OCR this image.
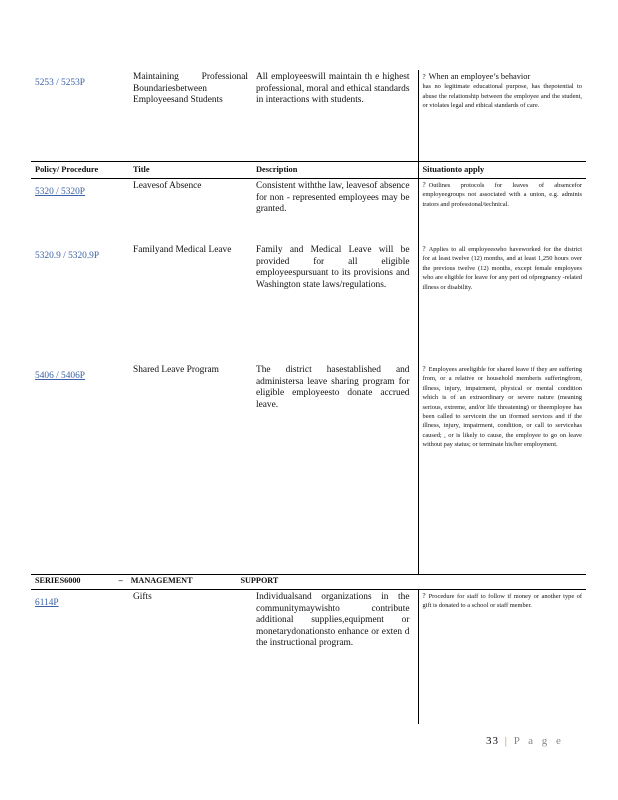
5253 / 5253P	Maintaining Professional Boundariesbetween Employeesand Students	All employeeswill maintain th e highest professional, moral and ethical standards in interactions with students.	? When an employee’s behavior
has no legitimate educational purpose, has thepotential to abuse the relationship between the employee and the student, or violates legal and ethical standards of care.
Policy/ Procedure	Title	Description	Situationto apply
5320 / 5320P	Leavesof Absence	Consistent withthe law, leavesof absence for non - represented employees may be granted.	? Outlines protocols for leaves of absencefor employeegroups not associated with a union, e.g. adminis trators and professional/technical.
5320.9 / 5320.9P	Familyand Medical Leave	Family and Medical Leave will be provided for all eligible employeespursuant to its provisions and Washington state laws/regulations.	? Applies to all employeeswho haveworked for the district for at least twelve (12) months, and at least 1,250 hours over the previous twelve (12) months, except female employees who are eligible for leave for any peri od ofpregnancy -related illness or disability.
5406 / 5406P	Shared Leave Program	The district hasestablished and administersa leave sharing program for eligible employeesto donate accrued leave.	? Employees areeligible for shared leave if they are suffering from, or a relative or household memberis sufferingfrom, illness, injury, impairment, physical or mental condition which is of an extraordinary or severe nature (meaning serious, extreme, and/or life threatening) or theemployee has been called to servicein the un iformed services and if the illness, injury, impairment, condition, or call to servicehas caused; , or is likely to cause, the employee to go on leave without pay status; or terminate his/her employment.
SERIES6000 – MANAGEMENT SUPPORT			
6114P	Gifts	Individualsand organizations in the communitymaywishto contribute additional supplies,equipment or monetarydonationsto enhance or exten d the instructional program.	? Procedure for staff to follow if money or another type of gift is donated to a school or staff member.
33 | P a g e
